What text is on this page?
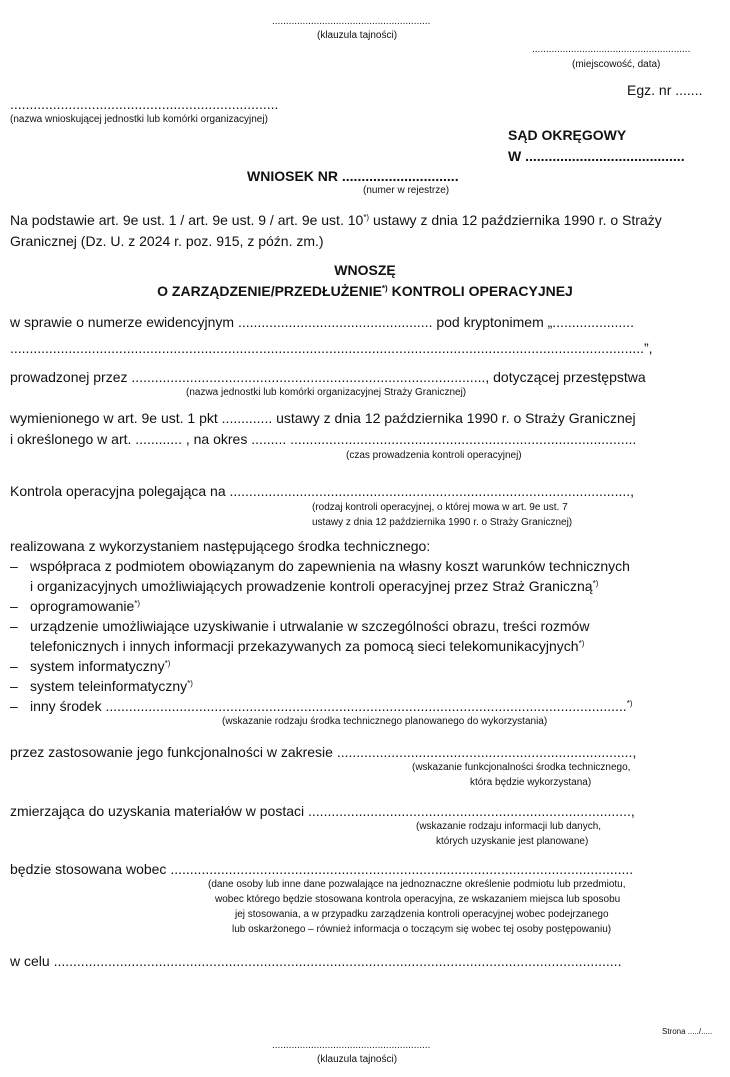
.........................................................
(klauzula tajności)
.........................................................
(miejscowość, data)
Egz. nr .......
.....................................................................
(nazwa wnioskującej jednostki lub komórki organizacyjnej)
SĄD OKRĘGOWY
W .........................................
WNIOSEK NR ..............................
(numer w rejestrze)
Na podstawie art. 9e ust. 1 / art. 9e ust. 9 / art. 9e ust. 10*) ustawy z dnia 12 października 1990 r. o Straży
Granicznej (Dz. U. z 2024 r. poz. 915, z późn. zm.)
WNOSZĘ
O ZARZĄDZENIE/PRZEDŁUŻENIE*) KONTROLI OPERACYJNEJ
w sprawie o numerze ewidencyjnym .................................................. pod kryptonimem „.....................
...................................................................................................................................................................”,
prowadzonej przez ..........................................................................................., dotyczącej przestępstwa
(nazwa jednostki lub komórki organizacyjnej Straży Granicznej)
wymienionego w art. 9e ust. 1 pkt ............. ustawy z dnia 12 października 1990 r. o Straży Granicznej
i określonego w art. ............ , na okres ......... .........................................................................................
(czas prowadzenia kontroli operacyjnej)
Kontrola operacyjna polegająca na .......................................................................................................,
(rodzaj kontroli operacyjnej, o której mowa w art. 9e ust. 7
ustawy z dnia 12 października 1990 r. o Straży Granicznej)
realizowana z wykorzystaniem następującego środka technicznego:
– współpraca z podmiotem obowiązanym do zapewnienia na własny koszt warunków technicznych
i organizacyjnych umożliwiających prowadzenie kontroli operacyjnej przez Straż Graniczną*)
– oprogramowanie*)
– urządzenie umożliwiające uzyskiwanie i utrwalanie w szczególności obrazu, treści rozmów
telefonicznych i innych informacji przekazywanych za pomocą sieci telekomunikacyjnych*)
– system informatyczny*)
– system teleinformatyczny*)
– inny środek ......................................................................................................................................*)
(wskazanie rodzaju środka technicznego planowanego do wykorzystania)
przez zastosowanie jego funkcjonalności w zakresie ............................................................................,
(wskazanie funkcjonalności środka technicznego,
która będzie wykorzystana)
zmierzająca do uzyskania materiałów w postaci ...................................................................................,
(wskazanie rodzaju informacji lub danych,
których uzyskanie jest planowane)
będzie stosowana wobec .......................................................................................................................
(dane osoby lub inne dane pozwalające na jednoznaczne określenie podmiotu lub przedmiotu,
wobec którego będzie stosowana kontrola operacyjna, ze wskazaniem miejsca lub sposobu
jej stosowania, a w przypadku zarządzenia kontroli operacyjnej wobec podejrzanego
lub oskarżonego – również informacja o toczącym się wobec tej osoby postępowaniu)
w celu ..................................................................................................................................................
Strona ...../.....
.........................................................
(klauzula tajności)
